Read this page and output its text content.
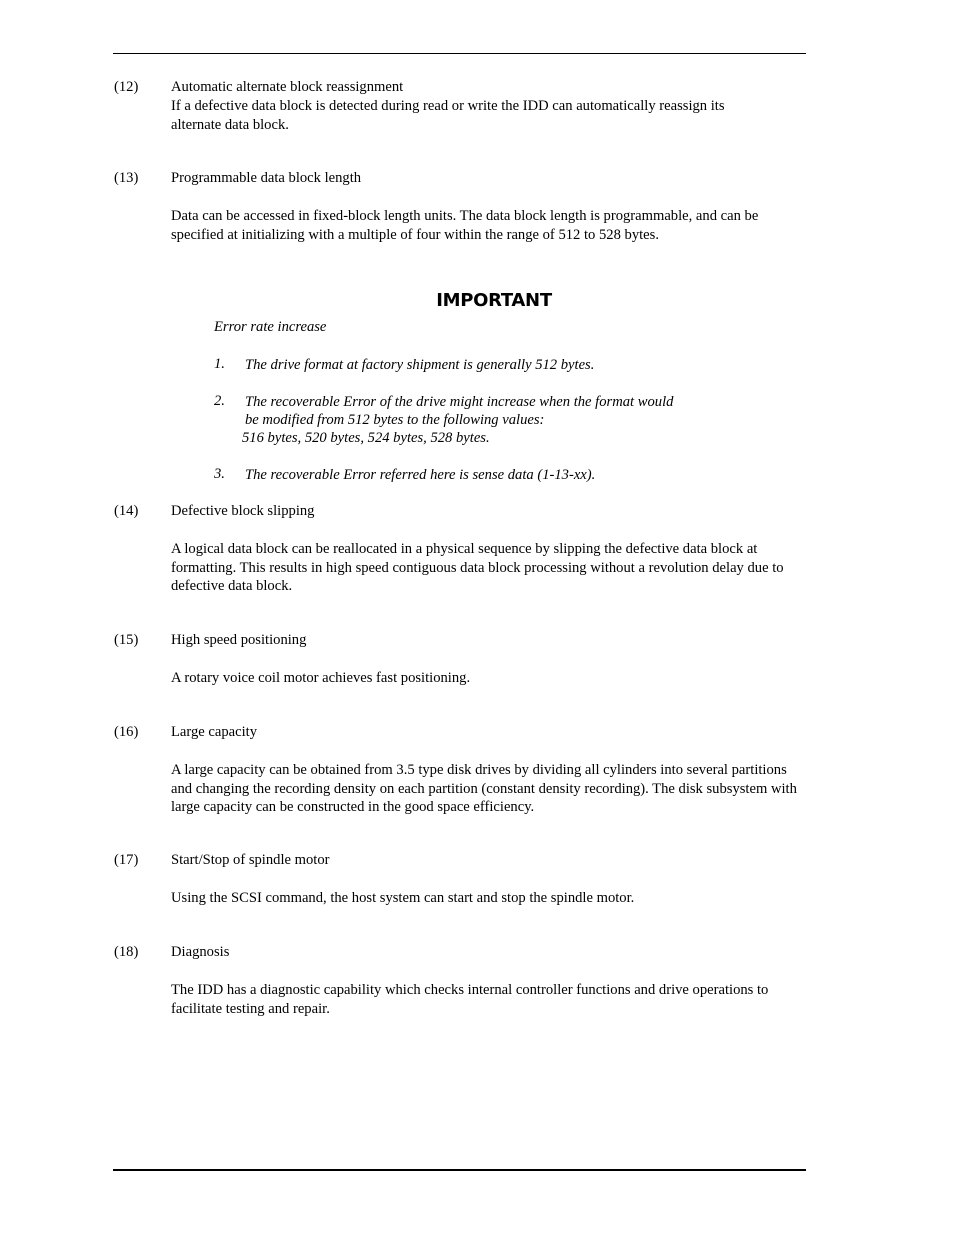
(12) Automatic alternate block reassignment
If a defective data block is detected during read or write the IDD can automatically reassign its alternate data block.
(13) Programmable data block length
Data can be accessed in fixed-block length units. The data block length is programmable, and can be specified at initializing with a multiple of four within the range of 512 to 528 bytes.
IMPORTANT
Error rate increase
1. The drive format at factory shipment is generally 512 bytes.
2. The recoverable Error of the drive might increase when the format would
be modified from 512 bytes to the following values:
516 bytes, 520 bytes, 524 bytes, 528 bytes.
3. The recoverable Error referred here is sense data (1-13-xx).
(14) Defective block slipping
A logical data block can be reallocated in a physical sequence by slipping the defective data block at formatting. This results in high speed contiguous data block processing without a revolution delay due to defective data block.
(15) High speed positioning
A rotary voice coil motor achieves fast positioning.
(16) Large capacity
A large capacity can be obtained from 3.5 type disk drives by dividing all cylinders into several partitions and changing the recording density on each partition (constant density recording). The disk subsystem with large capacity can be constructed in the good space efficiency.
(17) Start/Stop of spindle motor
Using the SCSI command, the host system can start and stop the spindle motor.
(18) Diagnosis
The IDD has a diagnostic capability which checks internal controller functions and drive operations to facilitate testing and repair.
